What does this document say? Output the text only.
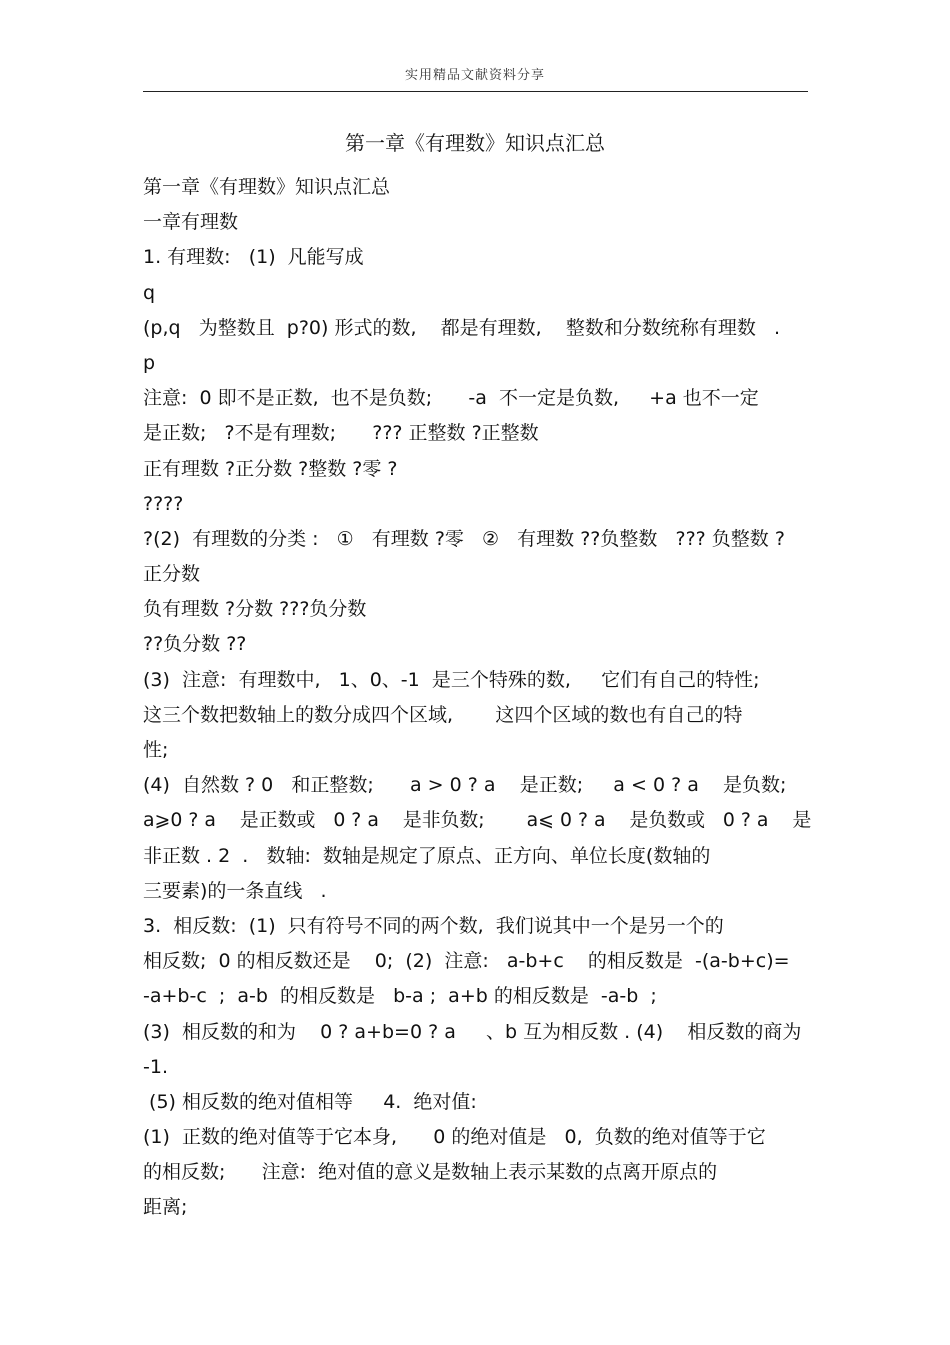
实用精品文献资料分享
第一章《有理数》知识点汇总
第一章《有理数》知识点汇总
一章有理数
1. 有理数:   (1)  凡能写成
q
(p,q   为整数且  p?0) 形式的数,    都是有理数,    整数和分数统称有理数   .
p
注意:  0 即不是正数,  也不是负数;      -a  不一定是负数,     +a 也不一定
是正数;   ?不是有理数;      ??? 正整数 ?正整数
正有理数 ?正分数 ?整数 ?零 ?
????
?(2)  有理数的分类 :   ①   有理数 ?零   ②   有理数 ??负整数   ??? 负整数 ?
正分数
负有理数 ?分数 ???负分数
??负分数 ??
(3)  注意:  有理数中,   1、0、-1  是三个特殊的数,     它们有自己的特性;
这三个数把数轴上的数分成四个区域,       这四个区域的数也有自己的特
性;
(4)  自然数 ? 0   和正整数;      a > 0 ? a    是正数;     a < 0 ? a    是负数;
a⩾0 ? a    是正数或   0 ? a    是非负数;       a⩽ 0 ? a    是负数或   0 ? a    是
非正数 . 2  .   数轴:  数轴是规定了原点、正方向、单位长度(数轴的
三要素)的一条直线   .
3.  相反数:  (1)  只有符号不同的两个数,  我们说其中一个是另一个的
相反数;  0 的相反数还是    0;  (2)  注意:   a-b+c    的相反数是  -(a-b+c)=
-a+b-c  ;  a-b  的相反数是   b-a ;  a+b 的相反数是  -a-b  ;
(3)  相反数的和为    0 ? a+b=0 ? a     、b 互为相反数 . (4)    相反数的商为
-1.
(5) 相反数的绝对值相等     4.  绝对值:
(1)  正数的绝对值等于它本身,      0 的绝对值是   0,  负数的绝对值等于它
的相反数;      注意:  绝对值的意义是数轴上表示某数的点离开原点的
距离;
